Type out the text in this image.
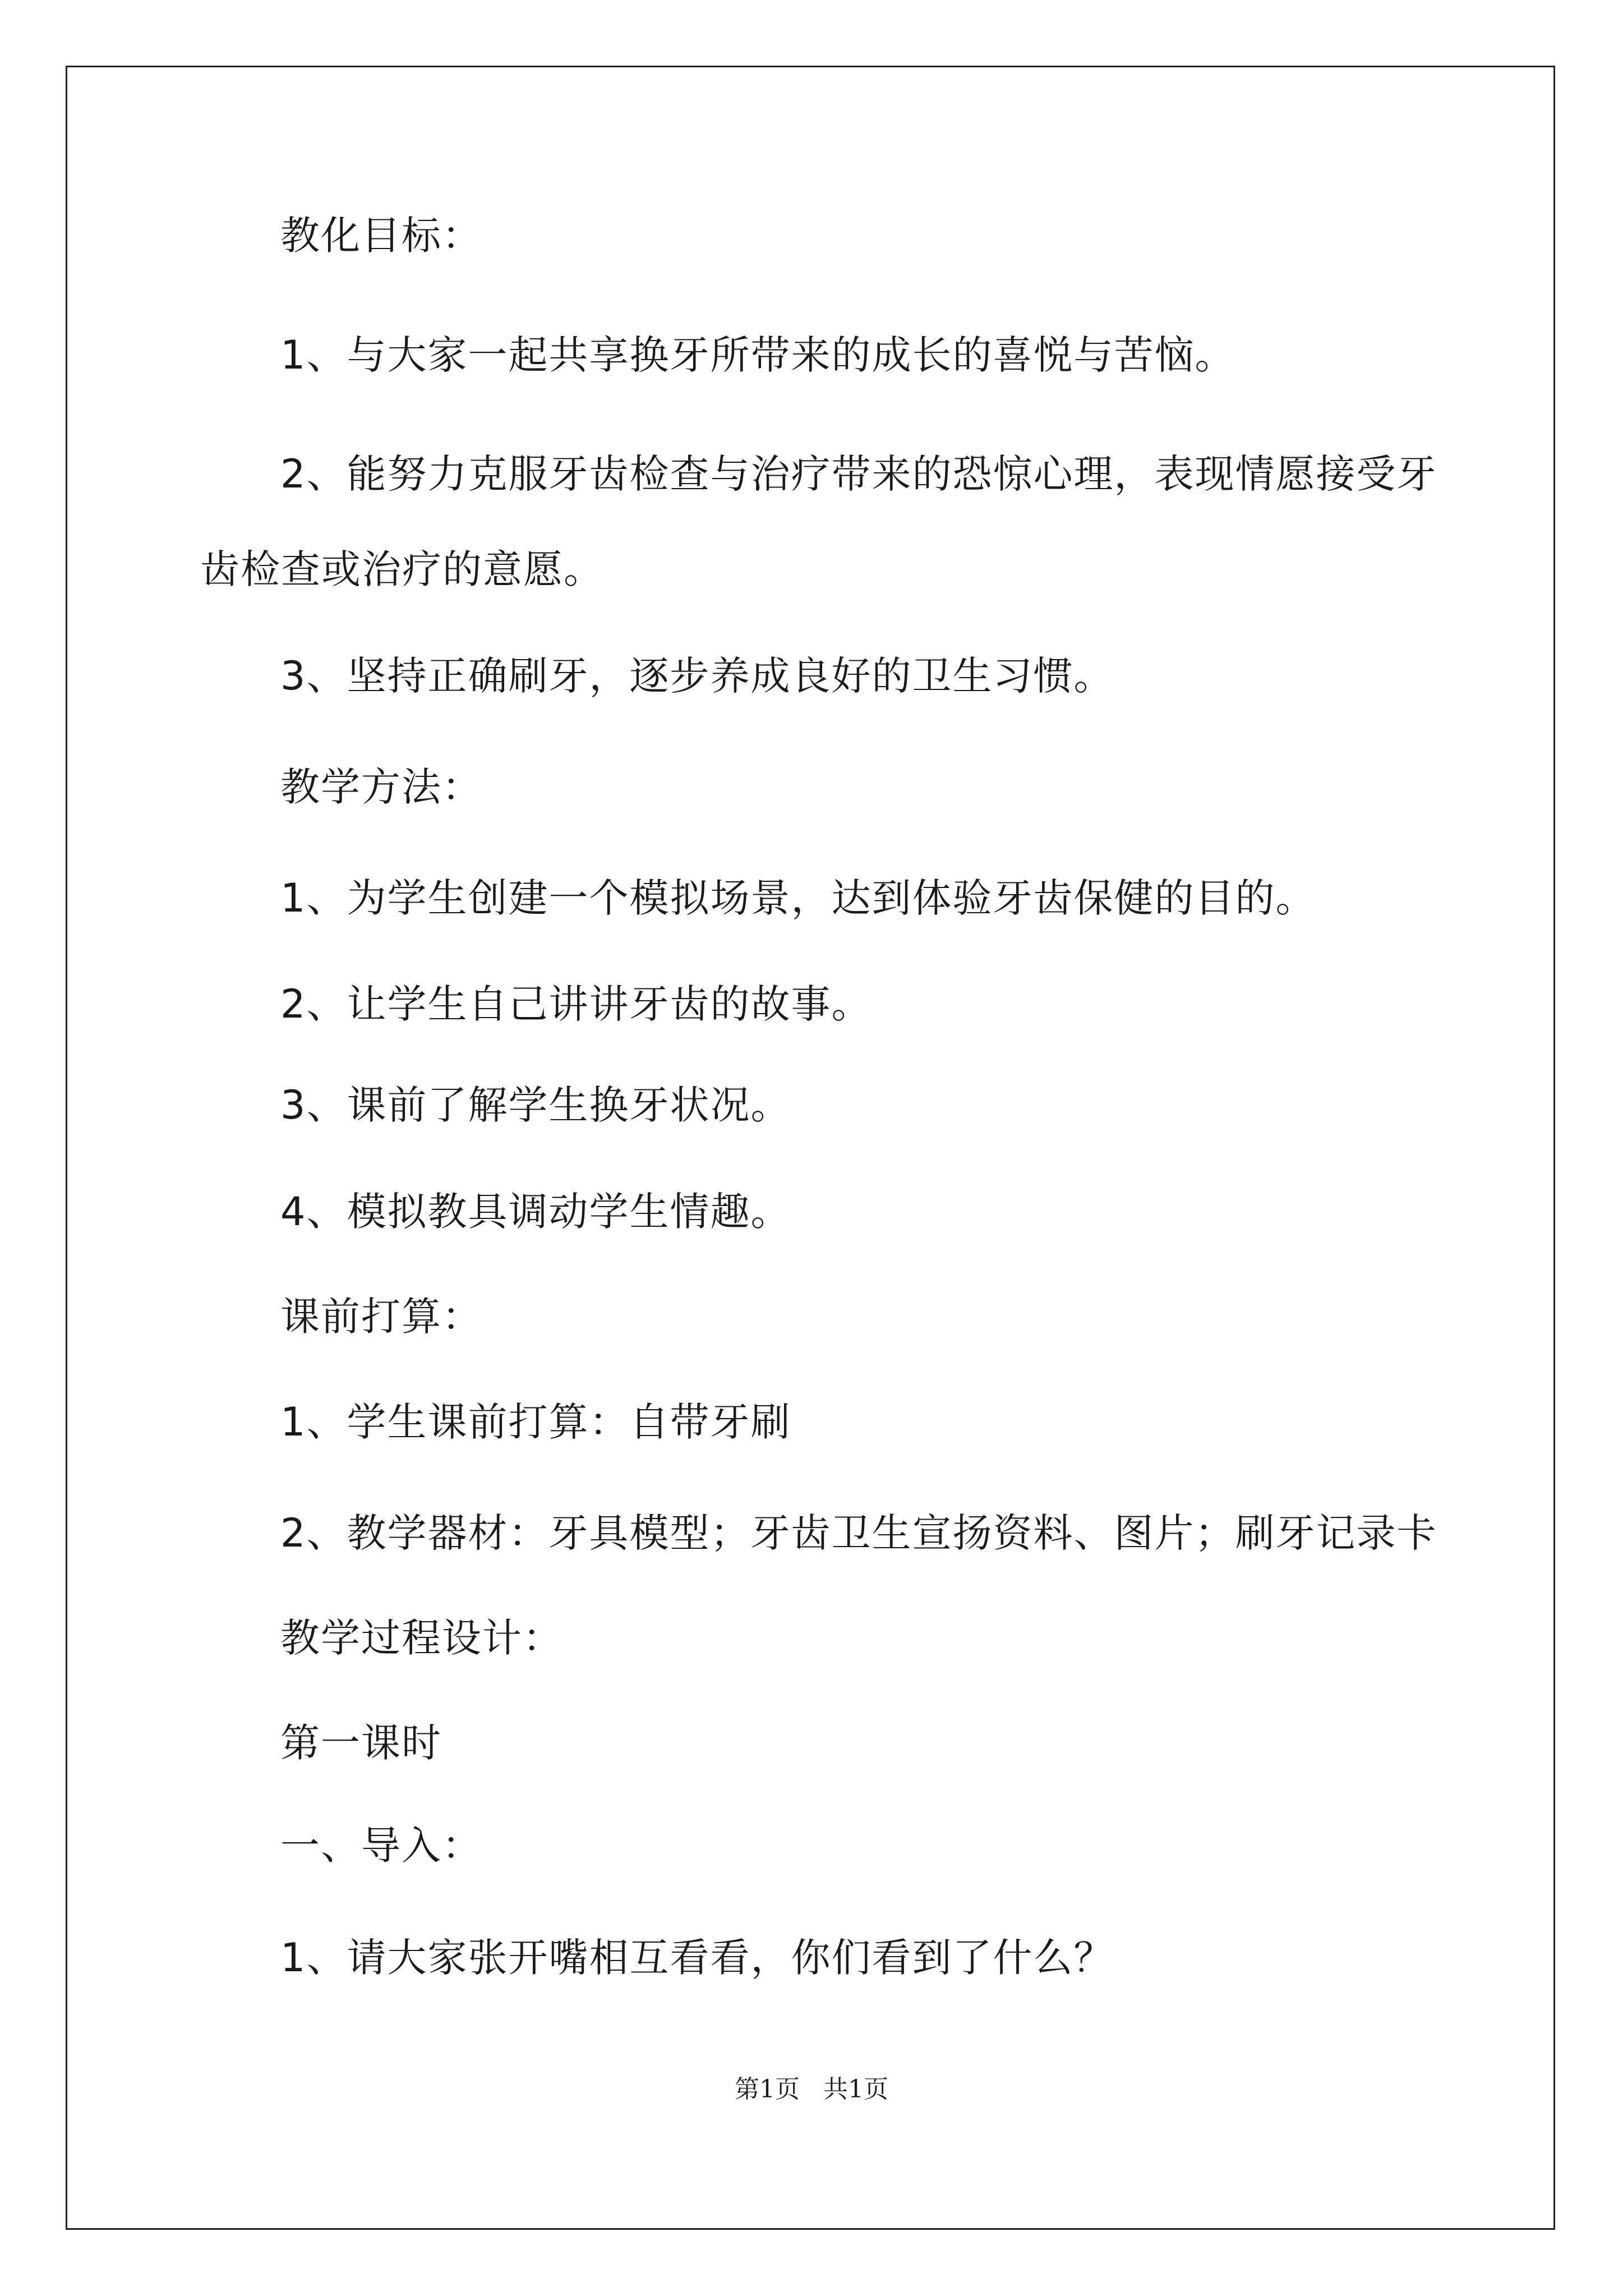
教化目标：
1、与大家一起共享换牙所带来的成长的喜悦与苦恼。
2、能努力克服牙齿检查与治疗带来的恐惊心理，表现情愿接受牙
齿检查或治疗的意愿。
3、坚持正确刷牙，逐步养成良好的卫生习惯。
教学方法：
1、为学生创建一个模拟场景，达到体验牙齿保健的目的。
2、让学生自己讲讲牙齿的故事。
3、课前了解学生换牙状况。
4、模拟教具调动学生情趣。
课前打算：
1、学生课前打算：自带牙刷
2、教学器材：牙具模型；牙齿卫生宣扬资料、图片；刷牙记录卡
教学过程设计：
第一课时
一、导入：
1、请大家张开嘴相互看看，你们看到了什么？
第1页   共1页
